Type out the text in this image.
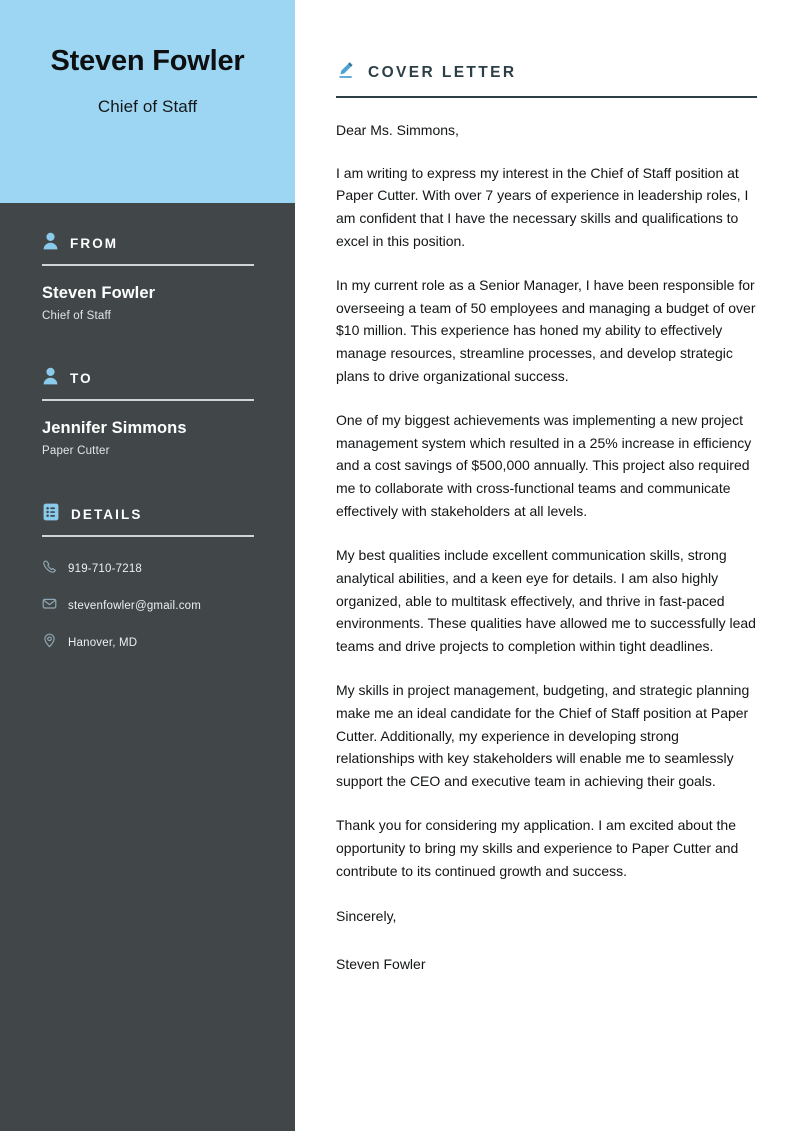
Steven Fowler
Chief of Staff
FROM
Steven Fowler
Chief of Staff
TO
Jennifer Simmons
Paper Cutter
DETAILS
919-710-7218
stevenfowler@gmail.com
Hanover, MD
COVER LETTER

Dear Ms. Simmons,

I am writing to express my interest in the Chief of Staff position at Paper Cutter. With over 7 years of experience in leadership roles, I am confident that I have the necessary skills and qualifications to excel in this position.

In my current role as a Senior Manager, I have been responsible for overseeing a team of 50 employees and managing a budget of over $10 million. This experience has honed my ability to effectively manage resources, streamline processes, and develop strategic plans to drive organizational success.

One of my biggest achievements was implementing a new project management system which resulted in a 25% increase in efficiency and a cost savings of $500,000 annually. This project also required me to collaborate with cross-functional teams and communicate effectively with stakeholders at all levels.

My best qualities include excellent communication skills, strong analytical abilities, and a keen eye for details. I am also highly organized, able to multitask effectively, and thrive in fast-paced environments. These qualities have allowed me to successfully lead teams and drive projects to completion within tight deadlines.

My skills in project management, budgeting, and strategic planning make me an ideal candidate for the Chief of Staff position at Paper Cutter. Additionally, my experience in developing strong relationships with key stakeholders will enable me to seamlessly support the CEO and executive team in achieving their goals.

Thank you for considering my application. I am excited about the opportunity to bring my skills and experience to Paper Cutter and contribute to its continued growth and success.

Sincerely,

Steven Fowler
